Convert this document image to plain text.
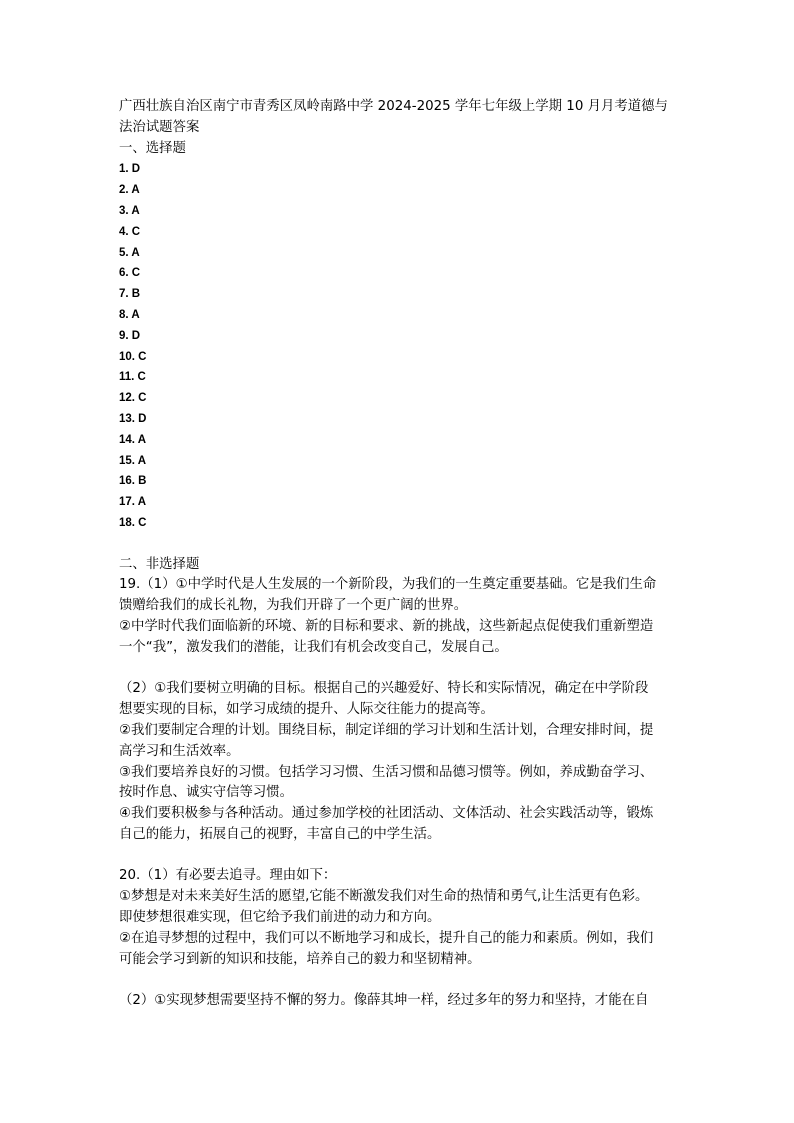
广西壮族自治区南宁市青秀区凤岭南路中学 2024-2025 学年七年级上学期 10 月月考道德与
法治试题答案
一、选择题
1. D
2. A
3. A
4. C
5. A
6. C
7. B
8. A
9. D
10. C
11. C
12. C
13. D
14. A
15. A
16. B
17. A
18. C
二、非选择题
19.（1）①中学时代是人生发展的一个新阶段，为我们的一生奠定重要基础。它是我们生命
馈赠给我们的成长礼物，为我们开辟了一个更广阔的世界。
②中学时代我们面临新的环境、新的目标和要求、新的挑战，这些新起点促使我们重新塑造
一个“我”，激发我们的潜能，让我们有机会改变自己，发展自己。
（2）①我们要树立明确的目标。根据自己的兴趣爱好、特长和实际情况，确定在中学阶段
想要实现的目标，如学习成绩的提升、人际交往能力的提高等。
②我们要制定合理的计划。围绕目标，制定详细的学习计划和生活计划，合理安排时间，提
高学习和生活效率。
③我们要培养良好的习惯。包括学习习惯、生活习惯和品德习惯等。例如，养成勤奋学习、
按时作息、诚实守信等习惯。
④我们要积极参与各种活动。通过参加学校的社团活动、文体活动、社会实践活动等，锻炼
自己的能力，拓展自己的视野，丰富自己的中学生活。
20.（1）有必要去追寻。理由如下：
①梦想是对未来美好生活的愿望,它能不断激发我们对生命的热情和勇气,让生活更有色彩。
即使梦想很难实现，但它给予我们前进的动力和方向。
②在追寻梦想的过程中，我们可以不断地学习和成长，提升自己的能力和素质。例如，我们
可能会学习到新的知识和技能，培养自己的毅力和坚韧精神。
（2）①实现梦想需要坚持不懈的努力。像薛其坤一样，经过多年的努力和坚持，才能在自
